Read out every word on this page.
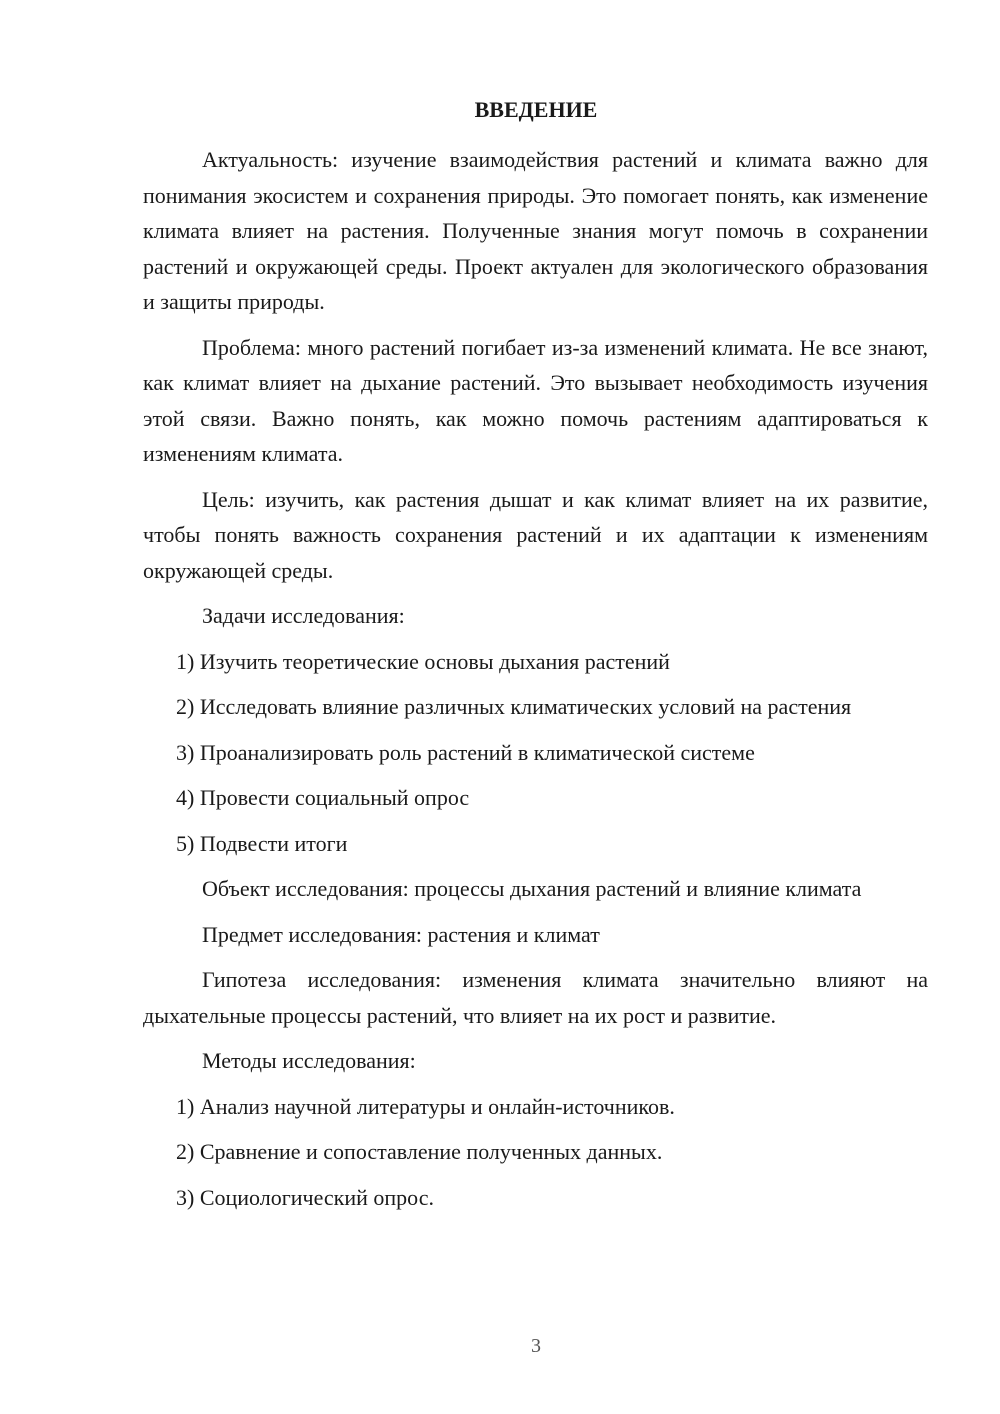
ВВЕДЕНИЕ

Актуальность: изучение взаимодействия растений и климата важно для понимания экосистем и сохранения природы. Это помогает понять, как изменение климата влияет на растения. Полученные знания могут помочь в сохранении растений и окружающей среды. Проект актуален для экологического образования и защиты природы.

Проблема: много растений погибает из-за изменений климата. Не все знают, как климат влияет на дыхание растений. Это вызывает необходимость изучения этой связи. Важно понять, как можно помочь растениям адаптироваться к изменениям климата.

Цель: изучить, как растения дышат и как климат влияет на их развитие, чтобы понять важность сохранения растений и их адаптации к изменениям окружающей среды.

Задачи исследования:

1) Изучить теоретические основы дыхания растений

2) Исследовать влияние различных климатических условий на растения

3) Проанализировать роль растений в климатической системе

4) Провести социальный опрос

5) Подвести итоги

Объект исследования: процессы дыхания растений и влияние климата

Предмет исследования: растения и климат

Гипотеза исследования: изменения климата значительно влияют на дыхательные процессы растений, что влияет на их рост и развитие.

Методы исследования:

1) Анализ научной литературы и онлайн-источников.

2) Сравнение и сопоставление полученных данных.

3) Социологический опрос.

3
